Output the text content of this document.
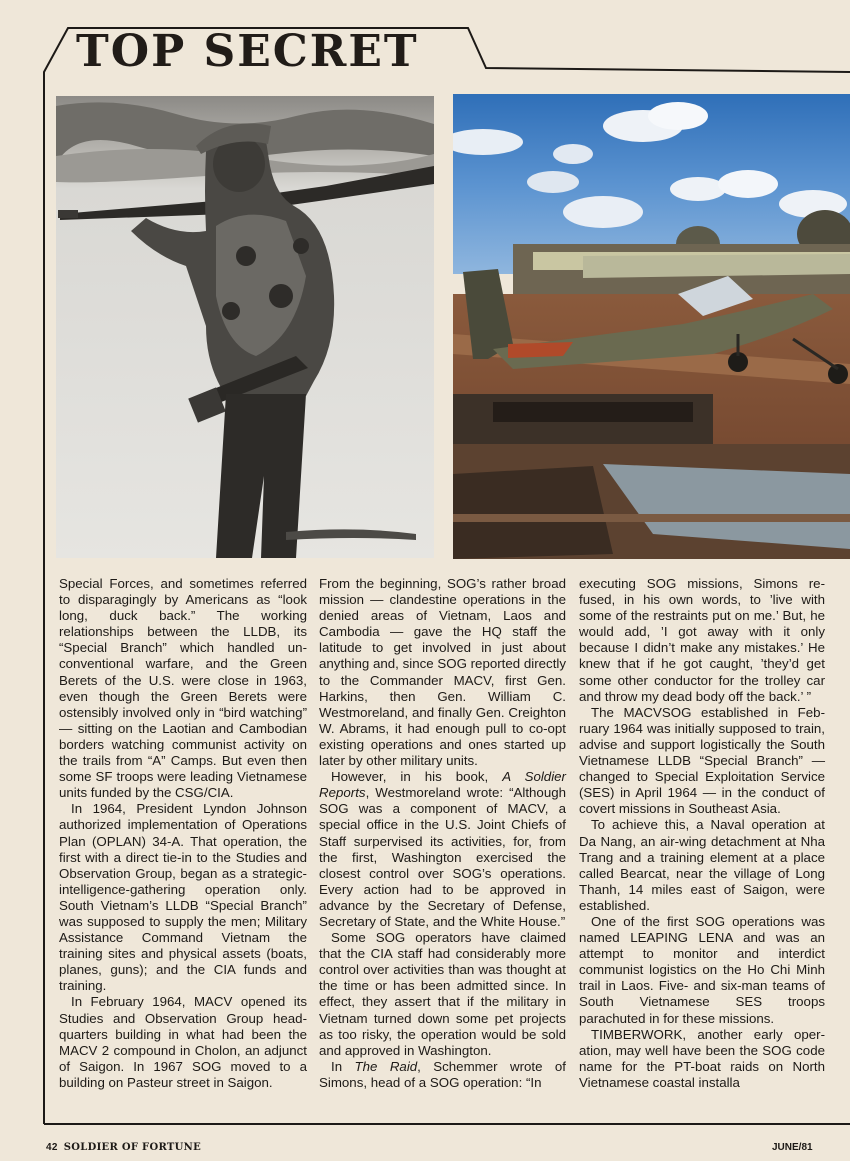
TOP SECRET

Special Forces, and sometimes referred to disparagingly by Americans as “look long, duck back.” The working relationships between the LLDB, its “Special Branch” which handled unconventional warfare, and the Green Berets of the U.S. were close in 1963, even though the Green Berets were ostensibly involved only in “bird watching” — sitting on the Laotian and Cambodian borders watching communist activity on the trails from “A” Camps. But even then some SF troops were leading Vietnamese units funded by the CSG/CIA.

In 1964, President Lyndon Johnson authorized implementation of Operations Plan (OPLAN) 34-A. That operation, the first with a direct tie-in to the Studies and Observation Group, began as a strategic-intelligence-gathering operation only. South Vietnam’s LLDB “Special Branch” was supposed to supply the men; Military Assistance Command Vietnam the training sites and physical assets (boats, planes, guns); and the CIA funds and training.

In February 1964, MACV opened its Studies and Observation Group headquarters building in what had been the MACV 2 compound in Cholon, an adjunct of Saigon. In 1967 SOG moved to a building on Pasteur street in Saigon.

From the beginning, SOG’s rather broad mission — clandestine operations in the denied areas of Vietnam, Laos and Cambodia — gave the HQ staff the latitude to get involved in just about anything and, since SOG reported directly to the Commander MACV, first Gen. Harkins, then Gen. William C. Westmoreland, and finally Gen. Creighton W. Abrams, it had enough pull to co-opt existing operations and ones started up later by other military units.

However, in his book, A Soldier Reports, Westmoreland wrote: “Although SOG was a component of MACV, a special office in the U.S. Joint Chiefs of Staff surpervised its activities, for, from the first, Washington exercised the closest control over SOG’s operations. Every action had to be approved in advance by the Secretary of Defense, Secretary of State, and the White House.”

Some SOG operators have claimed that the CIA staff had considerably more control over activities than was thought at the time or has been admitted since. In effect, they assert that if the military in Vietnam turned down some pet projects as too risky, the operation would be sold and approved in Washington.

In The Raid, Schemmer wrote of Simons, head of a SOG operation: “In

executing SOG missions, Simons refused, in his own words, to ’live with some of the restraints put on me.’ But, he would add, ’I got away with it only because I didn’t make any mistakes.’ He knew that if he got caught, ’they’d get some other conductor for the trolley car and throw my dead body off the back.’ ”

The MACVSOG established in February 1964 was initially supposed to train, advise and support logistically the South Vietnamese LLDB “Special Branch” — changed to Special Exploitation Service (SES) in April 1964 — in the conduct of covert missions in Southeast Asia.

To achieve this, a Naval operation at Da Nang, an air-wing detachment at Nha Trang and a training element at a place called Bearcat, near the village of Long Thanh, 14 miles east of Saigon, were established.

One of the first SOG operations was named LEAPING LENA and was an attempt to monitor and interdict communist logistics on the Ho Chi Minh trail in Laos. Five- and six-man teams of South Vietnamese SES troops parachuted in for these missions.

TIMBERWORK, another early operation, may well have been the SOG code name for the PT-boat raids on North Vietnamese coastal installa

42 SOLDIER OF FORTUNE	JUNE/81
